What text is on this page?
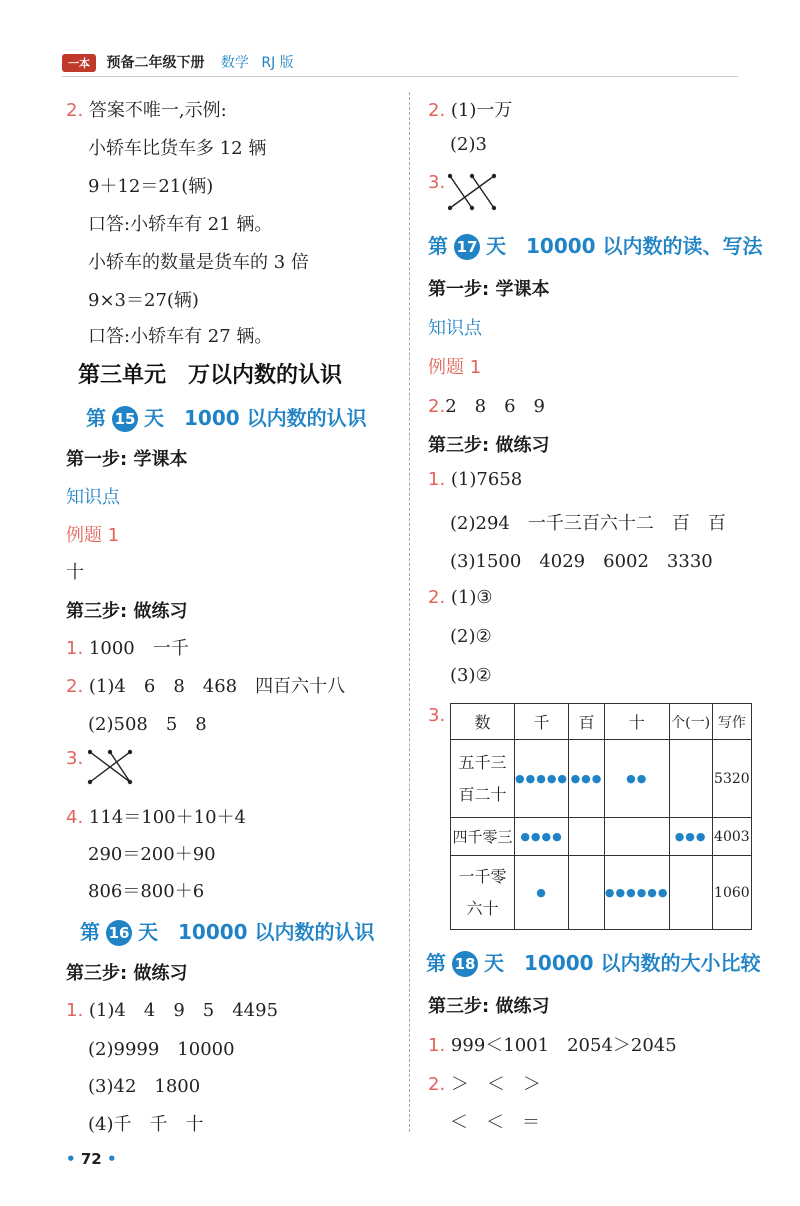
一本 预备二年级下册 数学 RJ 版
2. 答案不唯一,示例:
小轿车比货车多 12 辆
9＋12＝21(辆)
口答:小轿车有 21 辆。
小轿车的数量是货车的 3 倍
9×3＝27(辆)
口答:小轿车有 27 辆。
第三单元　万以内数的认识
第 15 天　1000 以内数的认识
第一步: 学课本
知识点
例题 1
十
第三步: 做练习
1. 1000　一千
2. (1)4　6　8　468　四百六十八
(2)508　5　8
3.
4. 114＝100＋10＋4
290＝200＋90
806＝800＋6
第 16 天　10000 以内数的认识
第三步: 做练习
1. (1)4　4　9　5　4495
(2)9999　10000
(3)42　1800
(4)千　千　十
2. (1)一万
(2)3
3.
第 17 天　10000 以内数的读、写法
第一步: 学课本
知识点
例题 1
2.2　8　6　9
第三步: 做练习
1. (1)7658
(2)294　一千三百六十二　百　百
(3)1500　4029　6002　3330
2. (1)③
(2)②
(3)②
3. 数	千	百	十	个(一)	写作
五千三
百二十	●●●●●	●●●	●●		5320
四千零三	●●●●			●●●	4003
一千零
六十	●		●●●●●●		1060
第 18 天　10000 以内数的大小比较
第三步: 做练习
1. 999＜1001　2054＞2045
2. ＞　＜　＞
＜　＜　＝
• 72 •
